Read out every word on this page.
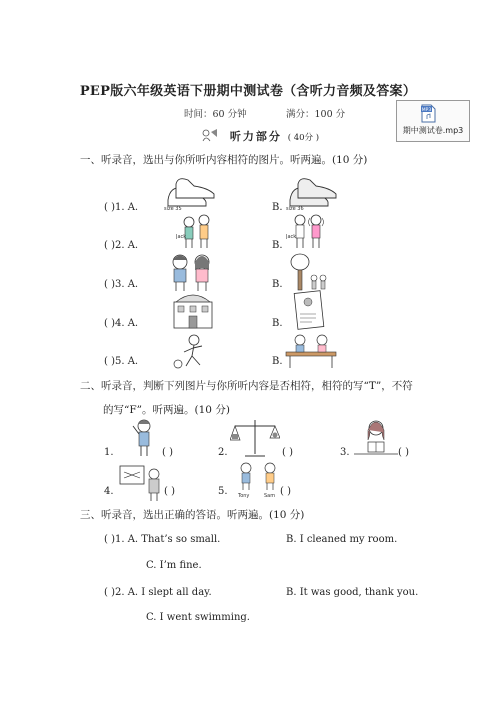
PEP版六年级英语下册期中测试卷（含听力音频及答案）
时间：60 分钟	满分：100 分	MP3
期中测试卷.mp3
听力部分 ( 40分 )
一、听录音，选出与你所听内容相符的图片。听两遍。(10 分)
( )1. A.	B.
( )2. A.	B.
( )3. A.	B.
( )4. A.	B.
( )5. A.	B.
size 35	size 36
Jack	Jack
二、听录音，判断下列图片与你所听内容是否相符，相符的写“T”，不符
的写“F”。听两遍。(10 分)
1.	( )	2.	( )	3.	( )
4.	( )	5. Tony	Sam ( )
三、听录音，选出正确的答语。听两遍。(10 分)
( )1. A. That’s so small.	B. I cleaned my room.
C. I’m fine.
( )2. A. I slept all day.	B. It was good, thank you.
C. I went swimming.
